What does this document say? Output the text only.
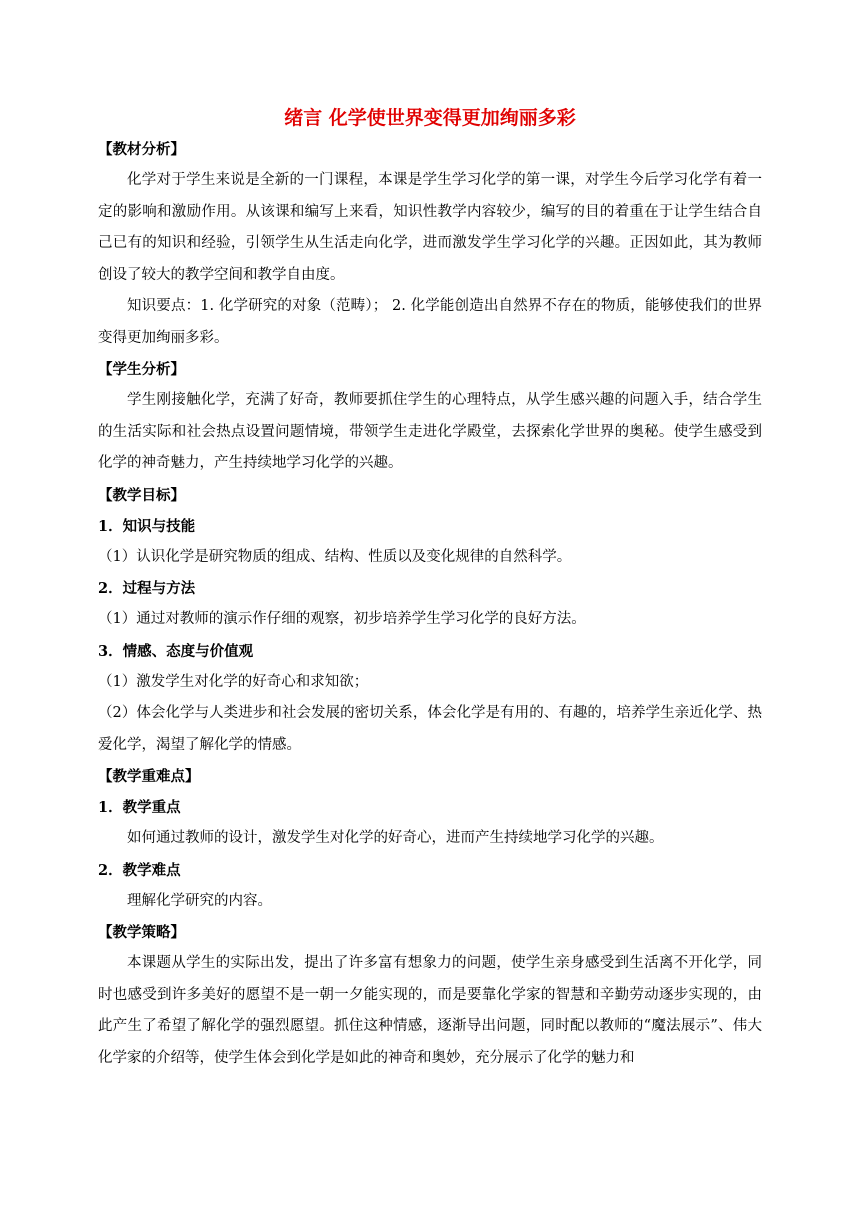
绪言 化学使世界变得更加绚丽多彩

【教材分析】

化学对于学生来说是全新的一门课程，本课是学生学习化学的第一课，对学生今后学习化学有着一定的影响和激励作用。从该课和编写上来看，知识性教学内容较少，编写的目的着重在于让学生结合自己已有的知识和经验，引领学生从生活走向化学，进而激发学生学习化学的兴趣。正因如此，其为教师创设了较大的教学空间和教学自由度。

知识要点：1. 化学研究的对象（范畴）； 2. 化学能创造出自然界不存在的物质，能够使我们的世界变得更加绚丽多彩。

【学生分析】

学生刚接触化学，充满了好奇，教师要抓住学生的心理特点，从学生感兴趣的问题入手，结合学生的生活实际和社会热点设置问题情境，带领学生走进化学殿堂，去探索化学世界的奥秘。使学生感受到化学的神奇魅力，产生持续地学习化学的兴趣。

【教学目标】

1．知识与技能

（1）认识化学是研究物质的组成、结构、性质以及变化规律的自然科学。

2．过程与方法

（1）通过对教师的演示作仔细的观察，初步培养学生学习化学的良好方法。

3．情感、态度与价值观

（1）激发学生对化学的好奇心和求知欲；

（2）体会化学与人类进步和社会发展的密切关系，体会化学是有用的、有趣的，培养学生亲近化学、热爱化学，渴望了解化学的情感。

【教学重难点】

1．教学重点

如何通过教师的设计，激发学生对化学的好奇心，进而产生持续地学习化学的兴趣。

2．教学难点

理解化学研究的内容。

【教学策略】

本课题从学生的实际出发，提出了许多富有想象力的问题，使学生亲身感受到生活离不开化学，同时也感受到许多美好的愿望不是一朝一夕能实现的，而是要靠化学家的智慧和辛勤劳动逐步实现的，由此产生了希望了解化学的强烈愿望。抓住这种情感，逐渐导出问题，同时配以教师的“魔法展示”、伟大化学家的介绍等，使学生体会到化学是如此的神奇和奥妙，充分展示了化学的魅力和
